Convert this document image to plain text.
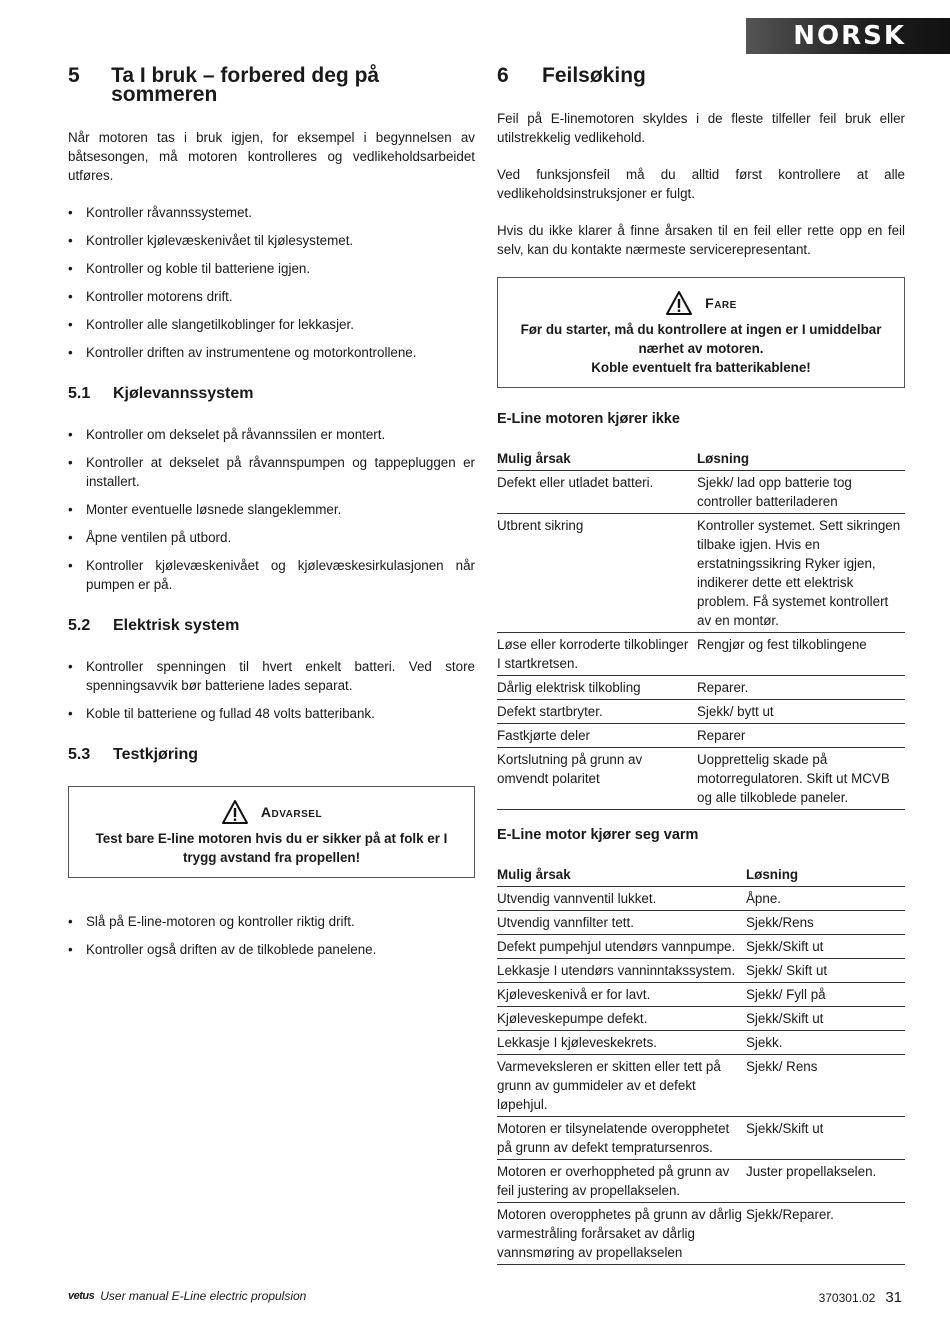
NORSK
5	Ta I bruk – forbered deg på sommeren

Når motoren tas i bruk igjen, for eksempel i begynnelsen av båtsesongen, må motoren kontrolleres og vedlikeholdsarbeidet utføres.

• Kontroller råvannssystemet.
• Kontroller kjølevæskenivået til kjølesystemet.
• Kontroller og koble til batteriene igjen.
• Kontroller motorens drift.
• Kontroller alle slangetilkoblinger for lekkasjer.
• Kontroller driften av instrumentene og motorkontrollene.
5.1	Kjølevannssystem
• Kontroller om dekselet på råvannssilen er montert.
• Kontroller at dekselet på råvannspumpen og tappepluggen er installert.
• Monter eventuelle løsnede slangeklemmer.
• Åpne ventilen på utbord.
• Kontroller kjølevæskenivået og kjølevæskesirkulasjonen når pumpen er på.
5.2	Elektrisk system
• Kontroller spenningen til hvert enkelt batteri. Ved store spenningsavvik bør batteriene lades separat.
• Koble til batteriene og fullad 48 volts batteribank.
5.3	Testkjøring
Advarsel
Test bare E-line motoren hvis du er sikker på at folk er I trygg avstand fra propellen!
• Slå på E-line-motoren og kontroller riktig drift.
• Kontroller også driften av de tilkoblede panelene.
6	Feilsøking

Feil på E-linemotoren skyldes i de fleste tilfeller feil bruk eller utilstrekkelig vedlikehold.

Ved funksjonsfeil må du alltid først kontrollere at alle vedlikeholdsinstruksjoner er fulgt.

Hvis du ikke klarer å finne årsaken til en feil eller rette opp en feil selv, kan du kontakte nærmeste servicerepresentant.

Fare
Før du starter, må du kontrollere at ingen er I umiddelbar nærhet av motoren.
Koble eventuelt fra batterikablene!
E-Line motoren kjører ikke
Mulig årsak	Løsning
Defekt eller utladet batteri.	Sjekk/ lad opp batterie tog controller batteriladeren
Utbrent sikring	Kontroller systemet. Sett sikringen tilbake igjen. Hvis en erstatningssikring Ryker igjen, indikerer dette ett elektrisk problem. Få systemet kontrollert av en montør.
Løse eller korroderte tilkoblinger I startkretsen.	Rengjør og fest tilkoblingene
Dårlig elektrisk tilkobling	Reparer.
Defekt startbryter.	Sjekk/ bytt ut
Fastkjørte deler	Reparer
Kortslutning på grunn av omvendt polaritet	Uopprettelig skade på motorregulatoren. Skift ut MCVB og alle tilkoblede paneler.
E-Line motor kjører seg varm
Mulig årsak	Løsning
Utvendig vannventil lukket.	Åpne.
Utvendig vannfilter tett.	Sjekk/Rens
Defekt pumpehjul utendørs vannpumpe.	Sjekk/Skift ut
Lekkasje I utendørs vanninntakssystem.	Sjekk/ Skift ut
Kjøleveskenivå er for lavt.	Sjekk/ Fyll på
Kjøleveskepumpe defekt.	Sjekk/Skift ut
Lekkasje I kjøleveskekrets.	Sjekk.
Varmeveksleren er skitten eller tett på grunn av gummideler av et defekt løpehjul.	Sjekk/ Rens
Motoren er tilsynelatende overopphetet på grunn av defekt tempratursenros.	Sjekk/Skift ut
Motoren er overhoppheted på grunn av feil justering av propellakselen.	Juster propellakselen.
Motoren overopphetes på grunn av dårlig varmestråling forårsaket av dårlig vannsmøring av propellakselen	Sjekk/Reparer.
vetus User manual E-Line electric propulsion	370301.02 31
